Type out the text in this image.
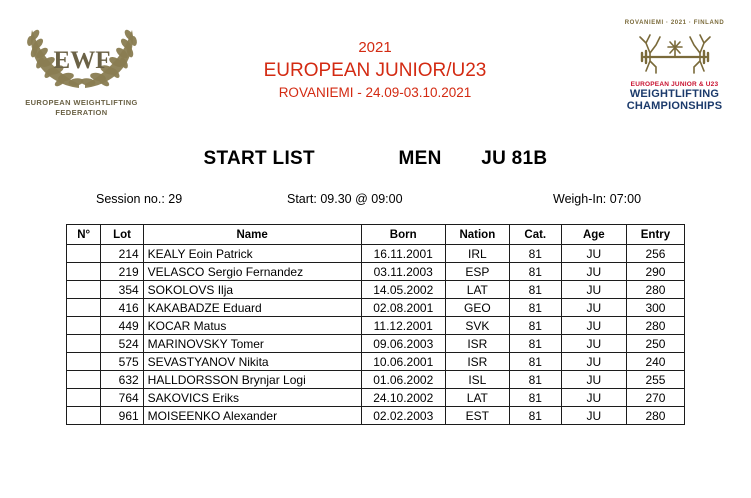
EWF
EUROPEAN WEIGHTLIFTING
FEDERATION
2021
EUROPEAN JUNIOR/U23
ROVANIEMI - 24.09-03.10.2021
ROVANIEMI · 2021 · FINLAND
EUROPEAN JUNIOR & U23
WEIGHTLIFTING
CHAMPIONSHIPS
START LIST	MEN JU 81B
Session no.: 29	Start: 09.30 @ 09:00	Weigh-In: 07:00
N°	Lot	Name	Born	Nation	Cat.	Age	Entry
	214	KEALY Eoin Patrick	16.11.2001	IRL	81	JU	256
	219	VELASCO Sergio Fernandez	03.11.2003	ESP	81	JU	290
	354	SOKOLOVS Ilja	14.05.2002	LAT	81	JU	280
	416	KAKABADZE Eduard	02.08.2001	GEO	81	JU	300
	449	KOCAR Matus	11.12.2001	SVK	81	JU	280
	524	MARINOVSKY Tomer	09.06.2003	ISR	81	JU	250
	575	SEVASTYANOV Nikita	10.06.2001	ISR	81	JU	240
	632	HALLDORSSON Brynjar Logi	01.06.2002	ISL	81	JU	255
	764	SAKOVICS Eriks	24.10.2002	LAT	81	JU	270
	961	MOISEENKO Alexander	02.02.2003	EST	81	JU	280
